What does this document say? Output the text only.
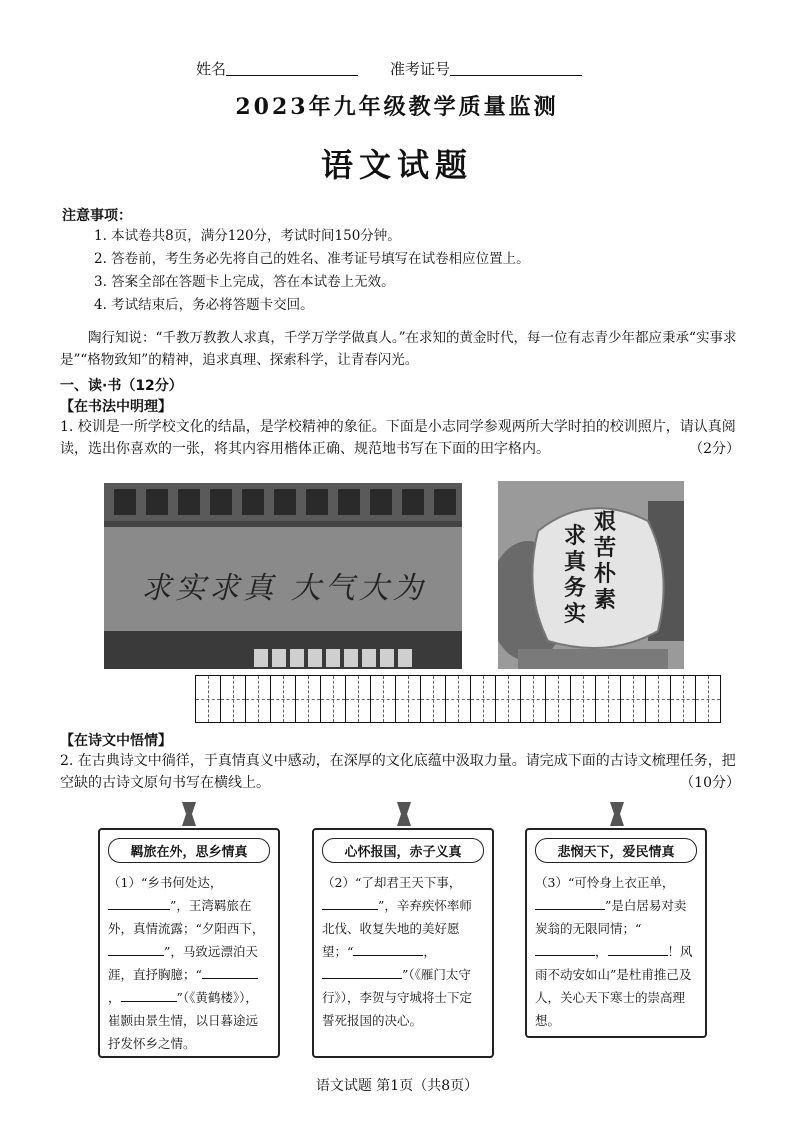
姓名	准考证号
2023年九年级教学质量监测
语文试题
注意事项：
1. 本试卷共8页，满分120分，考试时间150分钟。
2. 答卷前，考生务必先将自己的姓名、准考证号填写在试卷相应位置上。
3. 答案全部在答题卡上完成，答在本试卷上无效。
4. 考试结束后，务必将答题卡交回。
陶行知说：“千教万教教人求真，千学万学学做真人。”在求知的黄金时代，每一位有志青少年都应秉承“实事求是”“格物致知”的精神，追求真理、探索科学，让青春闪光。
一、读·书（12分）
【在书法中明理】
1. 校训是一所学校文化的结晶，是学校精神的象征。下面是小志同学参观两所大学时拍的校训照片，请认真阅读，选出你喜欢的一张，将其内容用楷体正确、规范地书写在下面的田字格内。	（2分）
求实求真 大气大为
艰苦朴素
求真务实
【在诗文中悟情】
2. 在古典诗文中徜徉，于真情真义中感动，在深厚的文化底蕴中汲取力量。请完成下面的古诗文梳理任务，把空缺的古诗文原句书写在横线上。	（10分）
羁旅在外，思乡情真
（1）“乡书何处达，”，王湾羁旅在外，真情流露；“夕阳西下，”，马致远漂泊天涯，直抒胸臆；“，	”（《黄鹤楼》），崔颢由景生情，以日暮途远抒发怀乡之情。
心怀报国，赤子义真
（2）“了却君王天下事，”，辛弃疾怀率师北伐、收复失地的美好愿望；“	，”（《雁门太守行》），李贺与守城将士下定誓死报国的决心。
悲悯天下，爱民情真
（3）“可怜身上衣正单，”是白居易对卖炭翁的无限同情；“，	！风雨不动安如山”是杜甫推己及人，关心天下寒士的崇高理想。
语文试题 第1页（共8页）
